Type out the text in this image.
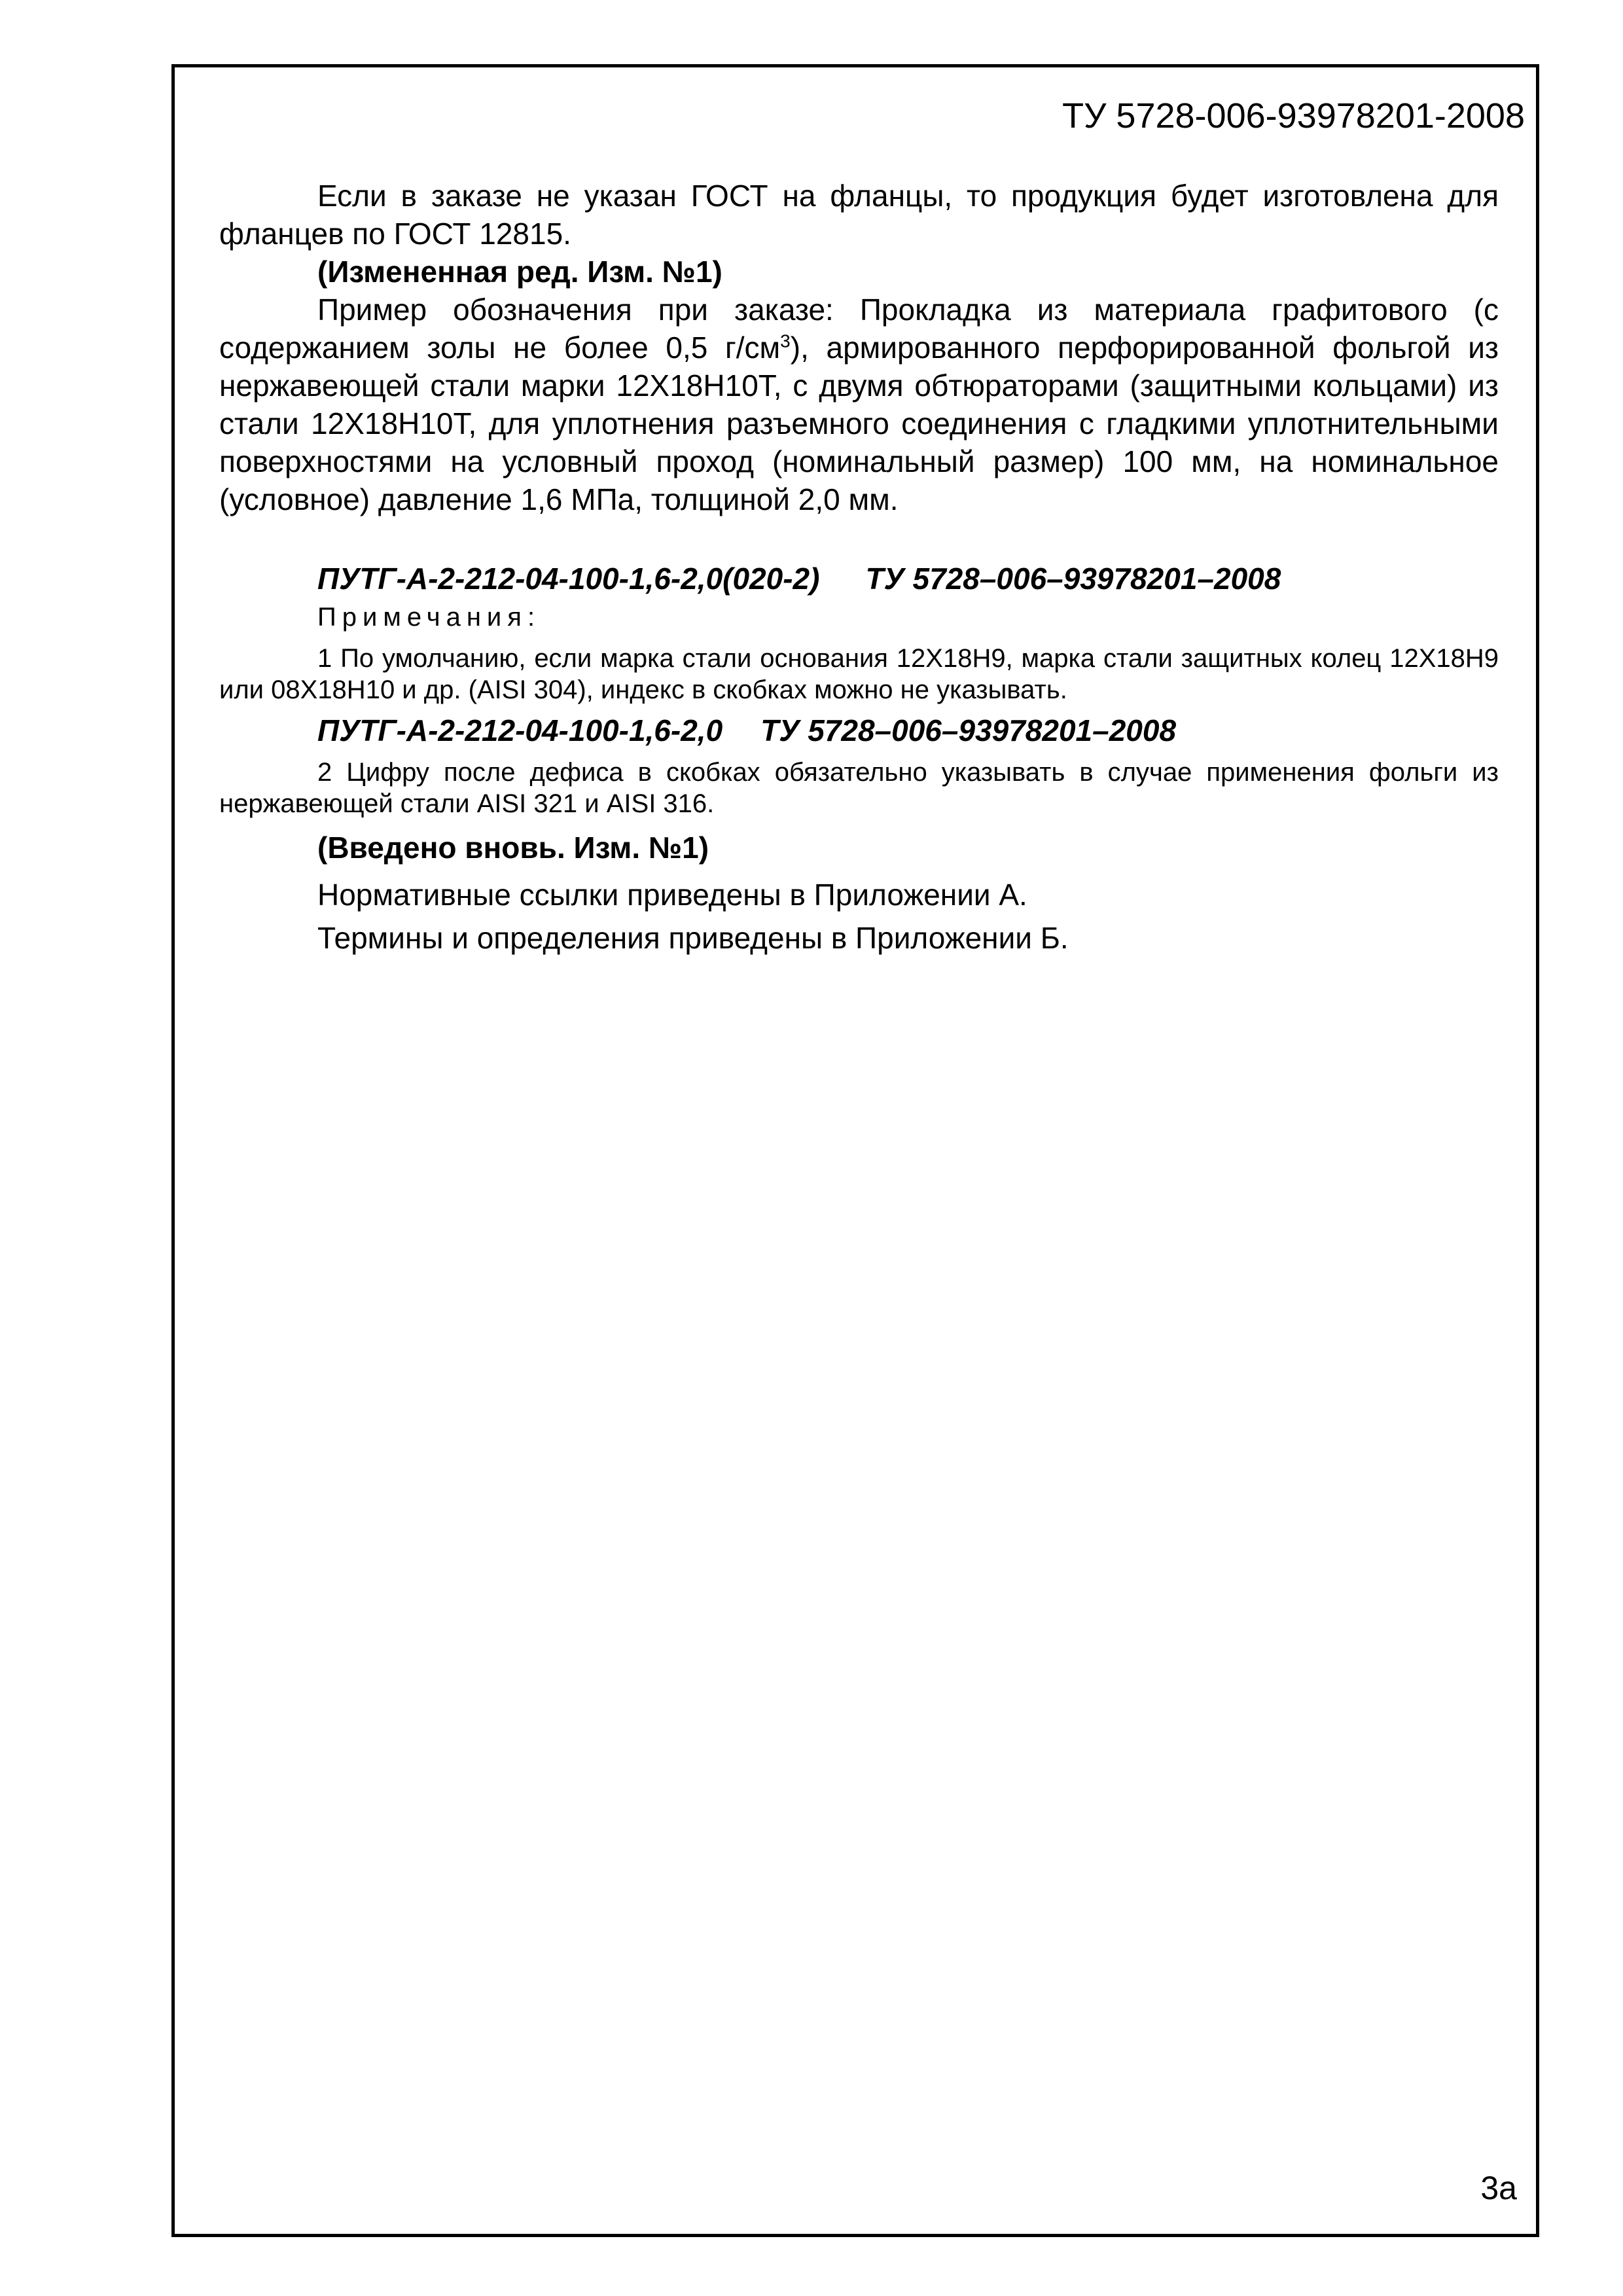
ТУ 5728-006-93978201-2008

Если в заказе не указан ГОСТ на фланцы, то продукция будет изготовлена для фланцев по ГОСТ 12815.

(Измененная ред. Изм. №1)

Пример обозначения при заказе: Прокладка из материала графитового (с содержанием золы не более 0,5 $г/см^3$), армированного перфорированной фольгой из нержавеющей стали марки 12Х18Н10Т, с двумя обтюраторами (защитными кольцами) из стали 12Х18Н10Т, для уплотнения разъемного соединения с гладкими уплотнительными поверхностями на условный проход (номинальный размер) 100 мм, на номинальное (условное) давление 1,6 МПа, толщиной 2,0 мм.

ПУТГ-А-2-212-04-100-1,6-2,0(020-2) ТУ 5728–006–93978201–2008

Примечания:

1 По умолчанию, если марка стали основания 12Х18Н9, марка стали защитных колец 12Х18Н9 или 08Х18Н10 и др. (AISI 304), индекс в скобках можно не указывать.

ПУТГ-А-2-212-04-100-1,6-2,0 ТУ 5728–006–93978201–2008

2 Цифру после дефиса в скобках обязательно указывать в случае применения фольги из нержавеющей стали AISI 321 и AISI 316.

(Введено вновь. Изм. №1)

Нормативные ссылки приведены в Приложении А.

Термины и определения приведены в Приложении Б.

3а
